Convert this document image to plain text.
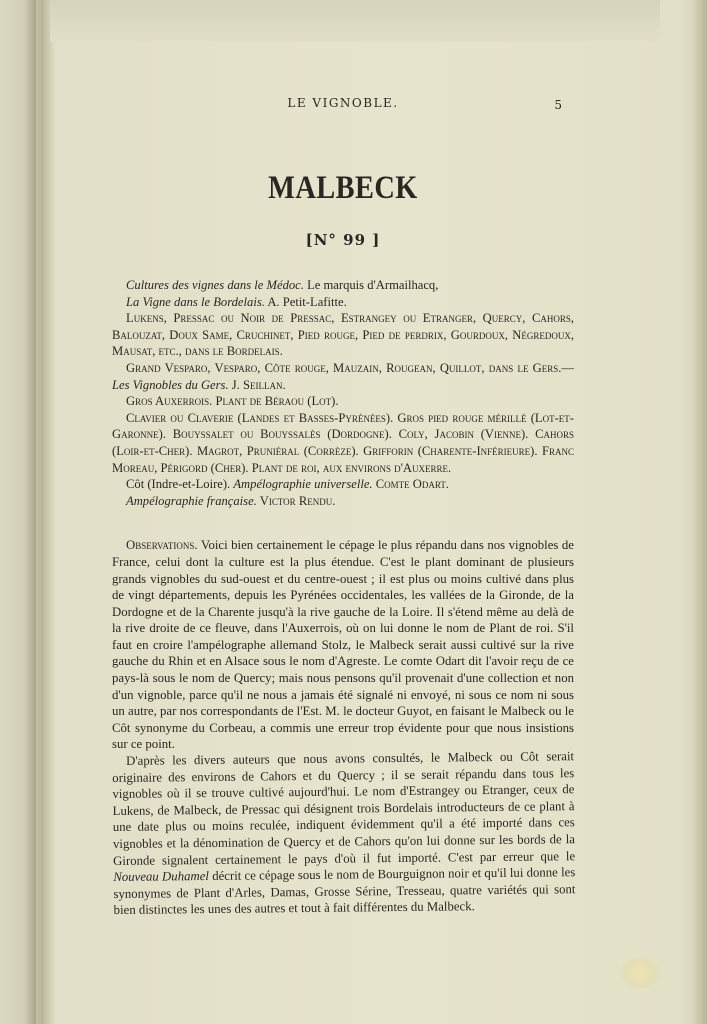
LE VIGNOBLE.	5
MALBECK
[N° 99 ]

Cultures des vignes dans le Médoc. Le marquis d'Armailhacq,

La Vigne dans le Bordelais. A. Petit-Lafitte.

Lukens, Pressac ou Noir de Pressac, Estrangey ou Etranger, Quercy, Cahors, Balouzat, Doux Same, Cruchinet, Pied rouge, Pied de perdrix, Gourdoux, Négredoux, Mausat, etc., dans le Bordelais.

Grand Vesparo, Vesparo, Côte rouge, Mauzain, Rougean, Quillot, dans le Gers.—Les Vignobles du Gers. J. Seillan.

Gros Auxerrois. Plant de Béraou (Lot).

Clavier ou Claverie (Landes et Basses-Pyrénées). Gros pied rouge mérillé (Lot-et-Garonne). Bouyssalet ou Bouyssalès (Dordogne). Coly, Jacobin (Vienne). Cahors (Loir-et-Cher). Magrot, Pruniéral (Corrèze). Grifforin (Charente-Inférieure). Franc Moreau, Périgord (Cher). Plant de roi, aux environs d'Auxerre.

Côt (Indre-et-Loire). Ampélographie universelle. Comte Odart.

Ampélographie française. Victor Rendu.

Observations. Voici bien certainement le cépage le plus répandu dans nos vignobles de France, celui dont la culture est la plus étendue. C'est le plant dominant de plusieurs grands vignobles du sud-ouest et du centre-ouest ; il est plus ou moins cultivé dans plus de vingt départements, depuis les Pyrénées occidentales, les vallées de la Gironde, de la Dordogne et de la Charente jusqu'à la rive gauche de la Loire. Il s'étend même au delà de la rive droite de ce fleuve, dans l'Auxerrois, où on lui donne le nom de Plant de roi. S'il faut en croire l'ampélographe allemand Stolz, le Malbeck serait aussi cultivé sur la rive gauche du Rhin et en Alsace sous le nom d'Agreste. Le comte Odart dit l'avoir reçu de ce pays-là sous le nom de Quercy; mais nous pensons qu'il provenait d'une collection et non d'un vignoble, parce qu'il ne nous a jamais été signalé ni envoyé, ni sous ce nom ni sous un autre, par nos correspondants de l'Est. M. le docteur Guyot, en faisant le Malbeck ou le Côt synonyme du Corbeau, a commis une erreur trop évidente pour que nous insistions sur ce point.

D'après les divers auteurs que nous avons consultés, le Malbeck ou Côt serait originaire des environs de Cahors et du Quercy ; il se serait répandu dans tous les vignobles où il se trouve cultivé aujourd'hui. Le nom d'Estrangey ou Etranger, ceux de Lukens, de Malbeck, de Pressac qui désignent trois Bordelais introducteurs de ce plant à une date plus ou moins reculée, indiquent évidemment qu'il a été importé dans ces vignobles et la dénomination de Quercy et de Cahors qu'on lui donne sur les bords de la Gironde signalent certainement le pays d'où il fut importé. C'est par erreur que le Nouveau Duhamel décrit ce cépage sous le nom de Bourguignon noir et qu'il lui donne les synonymes de Plant d'Arles, Damas, Grosse Sérine, Tresseau, quatre variétés qui sont bien distinctes les unes des autres et tout à fait différentes du Malbeck.
